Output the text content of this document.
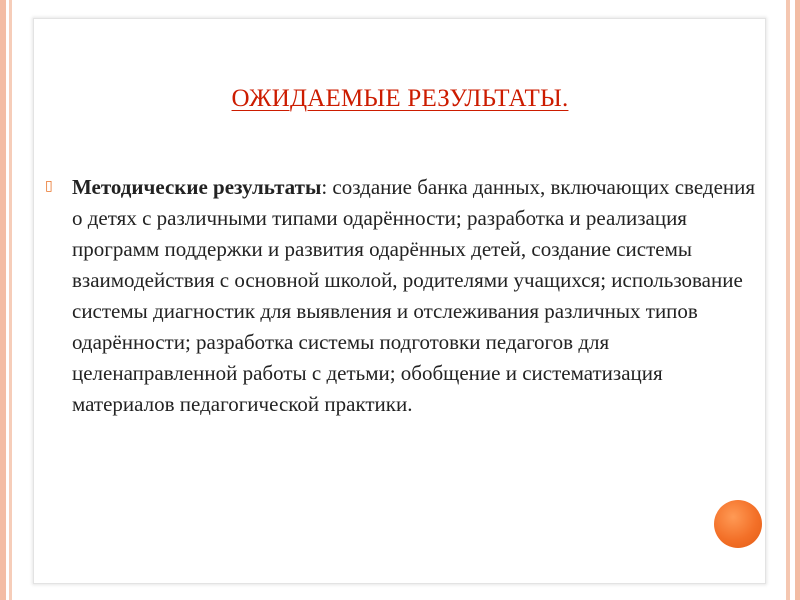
ОЖИДАЕМЫЕ РЕЗУЛЬТАТЫ.
▯ Методические результаты: создание банка данных, включающих сведения о детях с различными типами одарённости; разработка и реализация программ поддержки и развития одарённых детей, создание системы взаимодействия с основной школой, родителями учащихся; использование системы диагностик для выявления и отслеживания различных типов одарённости; разработка системы подготовки педагогов для целенаправленной работы с детьми; обобщение и систематизация материалов педагогической практики.
